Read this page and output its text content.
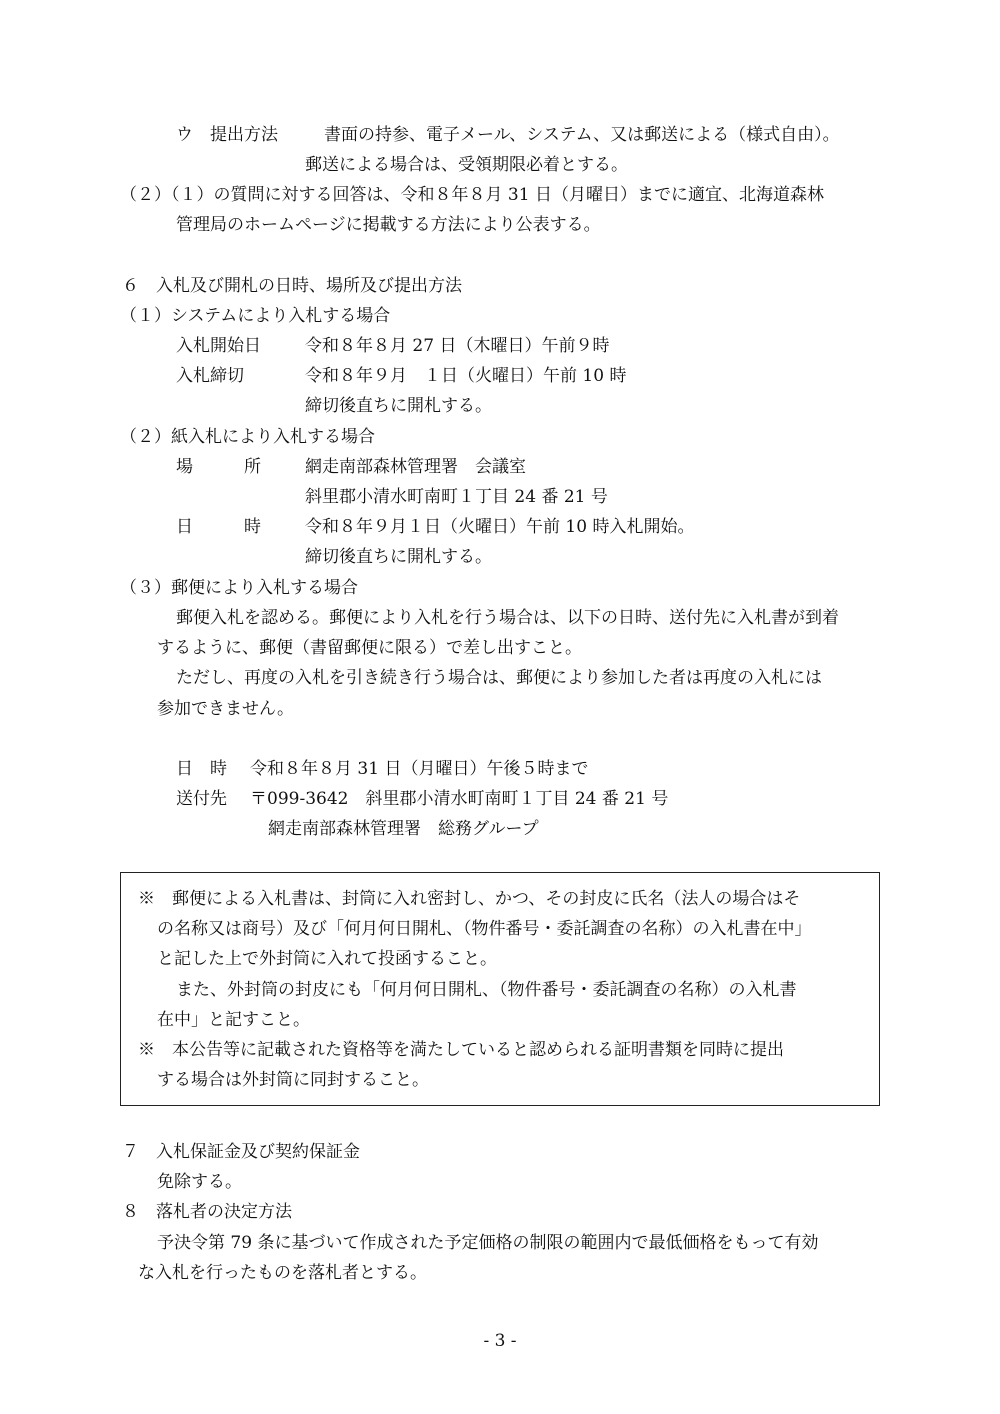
ウ　提出方法	書面の持参、電子メール、システム、又は郵送による（様式自由）。
郵送による場合は、受領期限必着とする。
（２）（１）の質問に対する回答は、令和８年８月 31 日（月曜日）までに適宜、北海道森林
管理局のホームページに掲載する方法により公表する。
６　入札及び開札の日時、場所及び提出方法
（１）システムにより入札する場合
入札開始日	令和８年８月 27 日（木曜日）午前９時
入札締切	令和８年９月　１日（火曜日）午前 10 時
締切後直ちに開札する。
（２）紙入札により入札する場合
場　　　所	網走南部森林管理署　会議室
斜里郡小清水町南町１丁目 24 番 21 号
日　　　時	令和８年９月１日（火曜日）午前 10 時入札開始。
締切後直ちに開札する。
（３）郵便により入札する場合
郵便入札を認める。郵便により入札を行う場合は、以下の日時、送付先に入札書が到着
するように、郵便（書留郵便に限る）で差し出すこと。
ただし、再度の入札を引き続き行う場合は、郵便により参加した者は再度の入札には
参加できません。
日　時 令和８年８月 31 日（月曜日）午後５時まで
送付先 〒099-3642　斜里郡小清水町南町１丁目 24 番 21 号
網走南部森林管理署　総務グループ
※　郵便による入札書は、封筒に入れ密封し、かつ、その封皮に氏名（法人の場合はそ
の名称又は商号）及び「何月何日開札、（物件番号・委託調査の名称）の入札書在中」
と記した上で外封筒に入れて投函すること。
また、外封筒の封皮にも「何月何日開札、（物件番号・委託調査の名称）の入札書
在中」と記すこと。
※　本公告等に記載された資格等を満たしていると認められる証明書類を同時に提出
する場合は外封筒に同封すること。
７　入札保証金及び契約保証金
免除する。
８　落札者の決定方法
予決令第 79 条に基づいて作成された予定価格の制限の範囲内で最低価格をもって有効
な入札を行ったものを落札者とする。
- 3 -
